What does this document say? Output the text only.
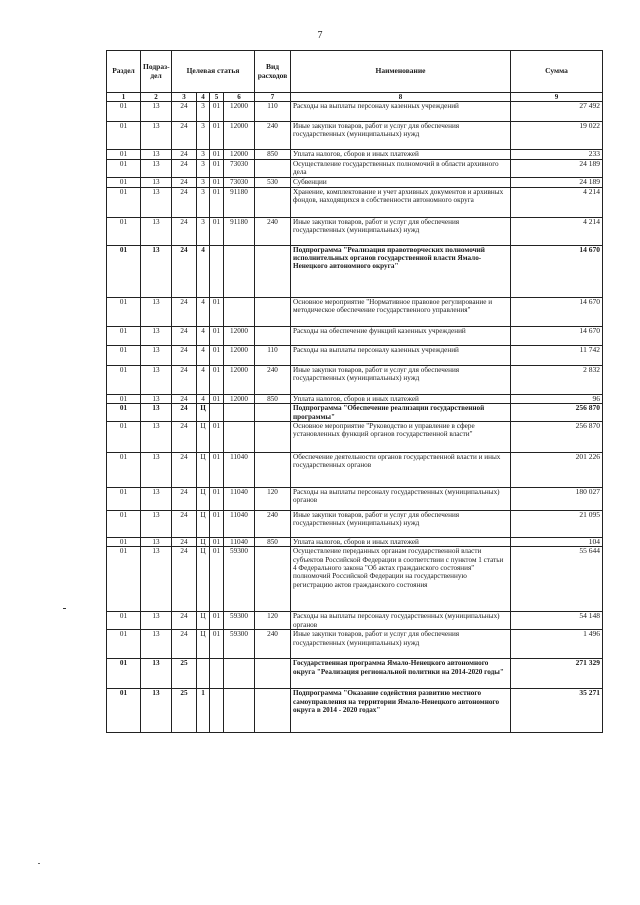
7
Раздел	Подраз-дел	Целевая статья				Вид расходов	Наименование	Сумма
1	2	3	4	5	6	7	8	9
01	13	24	3	01	12000	110	Расходы на выплаты персоналу казенных учреждений	27 492
01	13	24	3	01	12000	240	Иные закупки товаров, работ и услуг для обеспечения государственных (муниципальных) нужд	19 022
01	13	24	3	01	12000	850	Уплата налогов, сборов и иных платежей	233
01	13	24	3	01	73030		Осуществление государственных полномочий в области архивного дела	24 189
01	13	24	3	01	73030	530	Субвенции	24 189
01	13	24	3	01	91180		Хранение, комплектование и учет архивных документов и архивных фондов, находящихся в собственности автономного округа	4 214
01	13	24	3	01	91180	240	Иные закупки товаров, работ и услуг для обеспечения государственных (муниципальных) нужд	4 214
01	13	24	4				Подпрограмма "Реализация правотворческих полномочий исполнительных органов государственной власти Ямало-Ненецкого автономного округа"	14 670
01	13	24	4	01			Основное мероприятие "Нормативное правовое регулирование и методическое обеспечение государственного управления"	14 670
01	13	24	4	01	12000		Расходы на обеспечение функций казенных учреждений	14 670
01	13	24	4	01	12000	110	Расходы на выплаты персоналу казенных учреждений	11 742
01	13	24	4	01	12000	240	Иные закупки товаров, работ и услуг для обеспечения государственных (муниципальных) нужд	2 832
01	13	24	4	01	12000	850	Уплата налогов, сборов и иных платежей	96
01	13	24	Ц				Подпрограмма "Обеспечение реализации государственной программы"	256 870
01	13	24	Ц	01			Основное мероприятие "Руководство и управление в сфере установленных функций органов государственной власти"	256 870
01	13	24	Ц	01	11040		Обеспечение деятельности органов государственной власти и иных государственных органов	201 226
01	13	24	Ц	01	11040	120	Расходы на выплаты персоналу государственных (муниципальных) органов	180 027
01	13	24	Ц	01	11040	240	Иные закупки товаров, работ и услуг для обеспечения государственных (муниципальных) нужд	21 095
01	13	24	Ц	01	11040	850	Уплата налогов, сборов и иных платежей	104
01	13	24	Ц	01	59300		Осуществление переданных органам государственной власти субъектов Российской Федерации в соответствии с пунктом 1 статьи 4 Федерального закона "Об актах гражданского состояния" полномочий Российской Федерации на государственную регистрацию актов гражданского состояния	55 644
01	13	24	Ц	01	59300	120	Расходы на выплаты персоналу государственных (муниципальных) органов	54 148
01	13	24	Ц	01	59300	240	Иные закупки товаров, работ и услуг для обеспечения государственных (муниципальных) нужд	1 496
01	13	25					Государственная программа Ямало-Ненецкого автономного округа "Реализация региональной политики на 2014-2020 годы"	271 329
01	13	25	1				Подпрограмма "Оказание содействия развитию местного самоуправления на территории Ямало-Ненецкого автономного округа в 2014 - 2020 годах"	35 271
